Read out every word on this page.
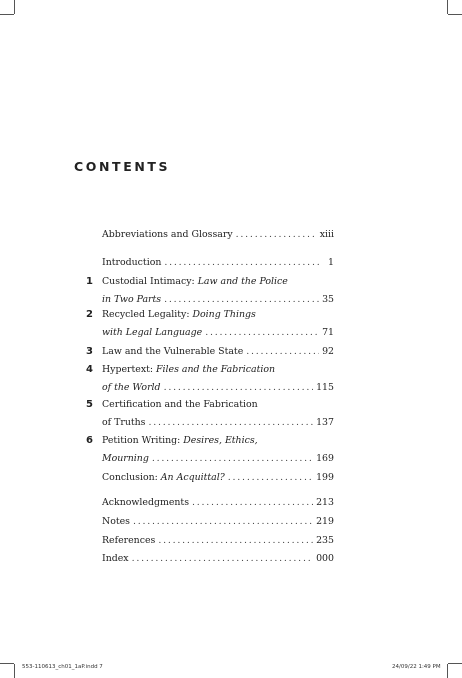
CONTENTS
Abbreviations and Glossary . . .	xiii
Introduction . . .	1
1 Custodial Intimacy: Law and the Police
in Two Parts . . .	35
2 Recycled Legality: Doing Things
with Legal Language . . .	71
3 Law and the Vulnerable State . . .	92
4 Hypertext: Files and the Fabrication
of the World . . .	115
5 Certification and the Fabrication
of Truths . . .	137
6 Petition Writing: Desires, Ethics,
Mourning . . .	169
Conclusion: An Acquittal? . . .	199
Acknowledgments . . .	213
Notes . . .	219
References . . .	235
Index . . .	000
553-110613_ch01_1aP.indd 7	24/09/22 1:49 PM
